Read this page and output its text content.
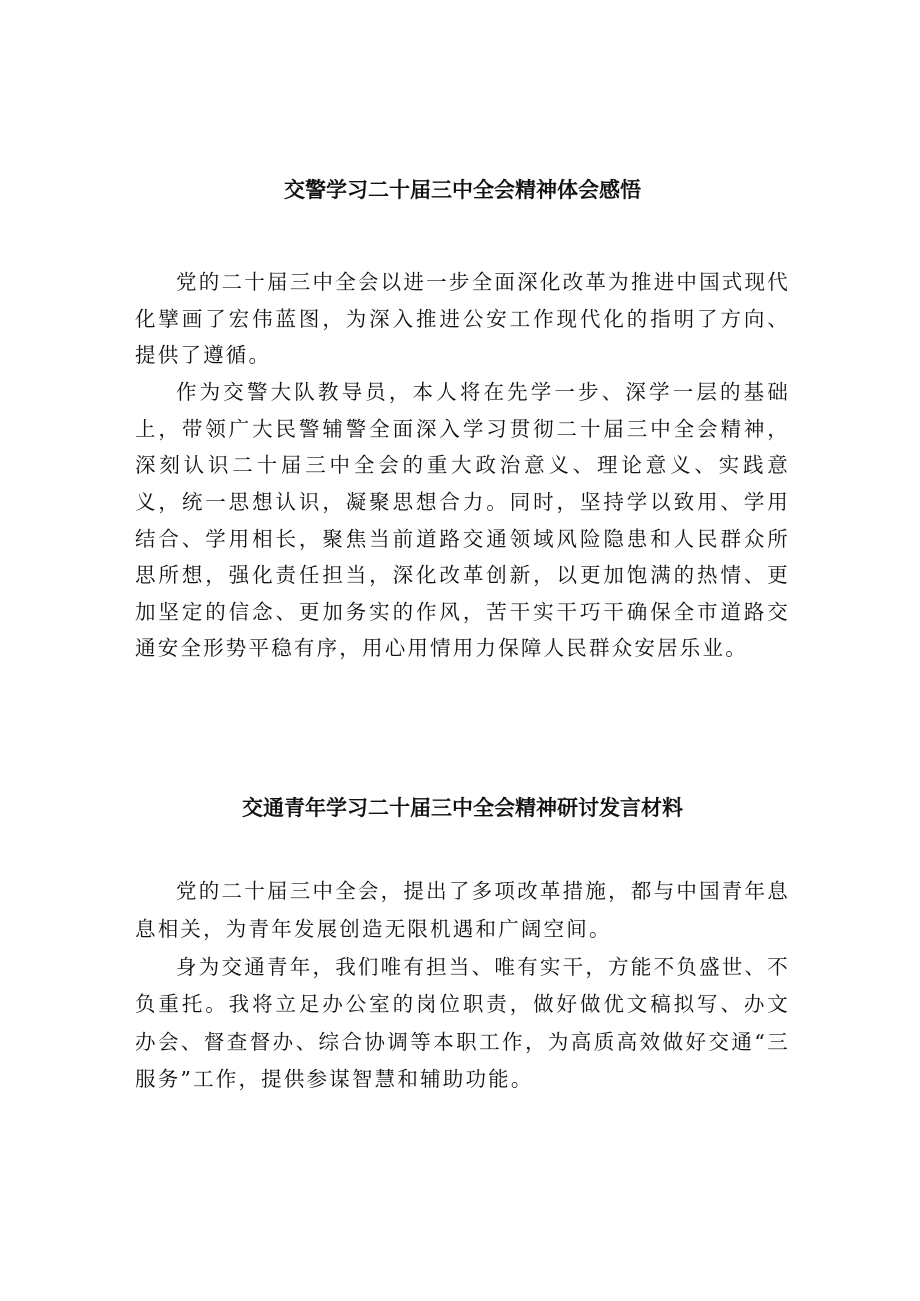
交警学习二十届三中全会精神体会感悟

党的二十届三中全会以进一步全面深化改革为推进中国式现代化擘画了宏伟蓝图，为深入推进公安工作现代化的指明了方向、提供了遵循。

作为交警大队教导员，本人将在先学一步、深学一层的基础上，带领广大民警辅警全面深入学习贯彻二十届三中全会精神，深刻认识二十届三中全会的重大政治意义、理论意义、实践意义，统一思想认识，凝聚思想合力。同时，坚持学以致用、学用结合、学用相长，聚焦当前道路交通领域风险隐患和人民群众所思所想，强化责任担当，深化改革创新，以更加饱满的热情、更加坚定的信念、更加务实的作风，苦干实干巧干确保全市道路交通安全形势平稳有序，用心用情用力保障人民群众安居乐业。

交通青年学习二十届三中全会精神研讨发言材料

党的二十届三中全会，提出了多项改革措施，都与中国青年息息相关，为青年发展创造无限机遇和广阔空间。

身为交通青年，我们唯有担当、唯有实干，方能不负盛世、不负重托。我将立足办公室的岗位职责，做好做优文稿拟写、办文办会、督查督办、综合协调等本职工作，为高质高效做好交通“三服务”工作，提供参谋智慧和辅助功能。
